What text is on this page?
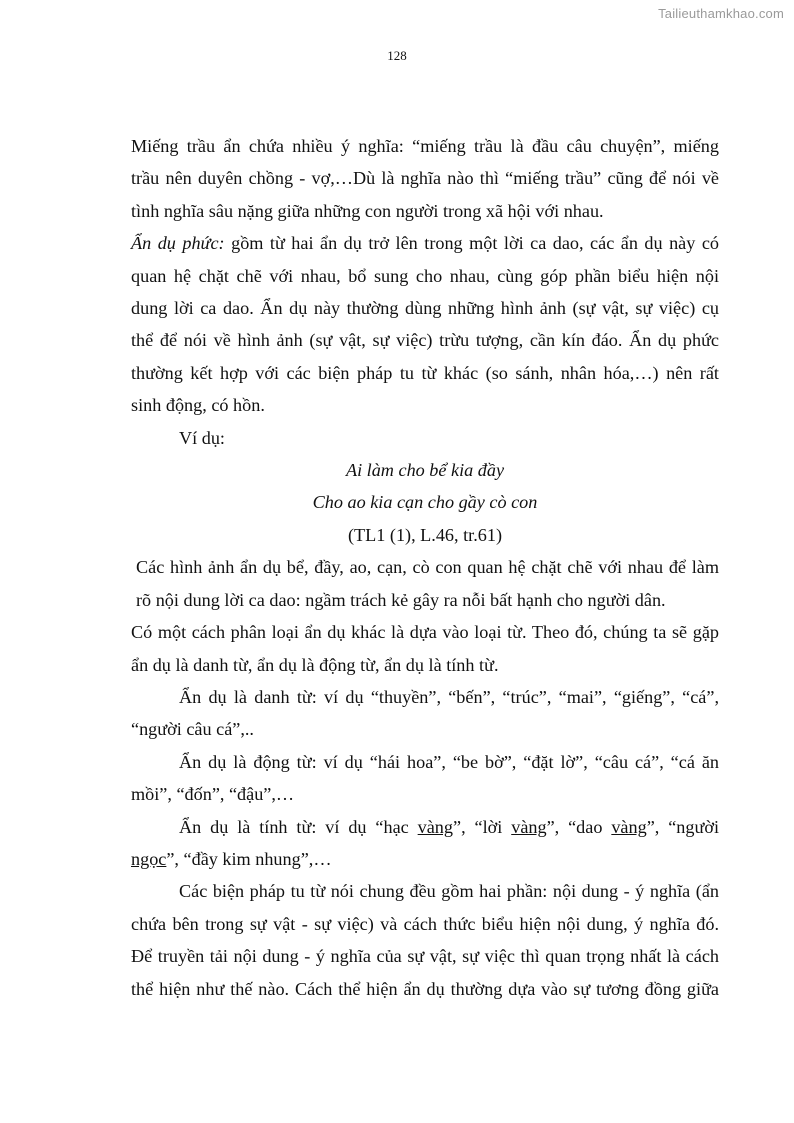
Tailieuthamkhao.com
128

Miếng trầu ẩn chứa nhiều ý nghĩa: “miếng trầu là đầu câu chuyện”, miếng

trầu nên duyên chồng - vợ,…Dù là nghĩa nào thì “miếng trầu” cũng để nói về

tình nghĩa sâu nặng giữa những con người trong xã hội với nhau.

Ẩn dụ phức: gồm từ hai ẩn dụ trở lên trong một lời ca dao, các ẩn dụ này có

quan hệ chặt chẽ với nhau, bổ sung cho nhau, cùng góp phần biểu hiện nội

dung lời ca dao. Ẩn dụ này thường dùng những hình ảnh (sự vật, sự việc) cụ

thể để nói về hình ảnh (sự vật, sự việc) trừu tượng, cần kín đáo. Ẩn dụ phức

thường kết hợp với các biện pháp tu từ khác (so sánh, nhân hóa,…) nên rất

sinh động, có hồn.

Ví dụ:

Ai làm cho bể kia đầy

Cho ao kia cạn cho gầy cò con

(TL1 (1), L.46, tr.61)

Các hình ảnh ẩn dụ bể, đầy, ao, cạn, cò con quan hệ chặt chẽ với nhau để làm

rõ nội dung lời ca dao: ngầm trách kẻ gây ra nỗi bất hạnh cho người dân.

Có một cách phân loại ẩn dụ khác là dựa vào loại từ. Theo đó, chúng ta sẽ gặp

ẩn dụ là danh từ, ẩn dụ là động từ, ẩn dụ là tính từ.

Ẩn dụ là danh từ: ví dụ “thuyền”, “bến”, “trúc”, “mai”, “giếng”, “cá”,

“người câu cá”,..

Ẩn dụ là động từ: ví dụ “hái hoa”, “be bờ”, “đặt lờ”, “câu cá”, “cá ăn

mồi”, “đốn”, “đậu”,…

Ẩn dụ là tính từ: ví dụ “hạc vàng”, “lời vàng”, “dao vàng”, “người

ngọc”, “đầy kim nhung”,…

Các biện pháp tu từ nói chung đều gồm hai phần: nội dung - ý nghĩa (ẩn

chứa bên trong sự vật - sự việc) và cách thức biểu hiện nội dung, ý nghĩa đó.

Để truyền tải nội dung - ý nghĩa của sự vật, sự việc thì quan trọng nhất là cách

thể hiện như thế nào. Cách thể hiện ẩn dụ thường dựa vào sự tương đồng giữa
